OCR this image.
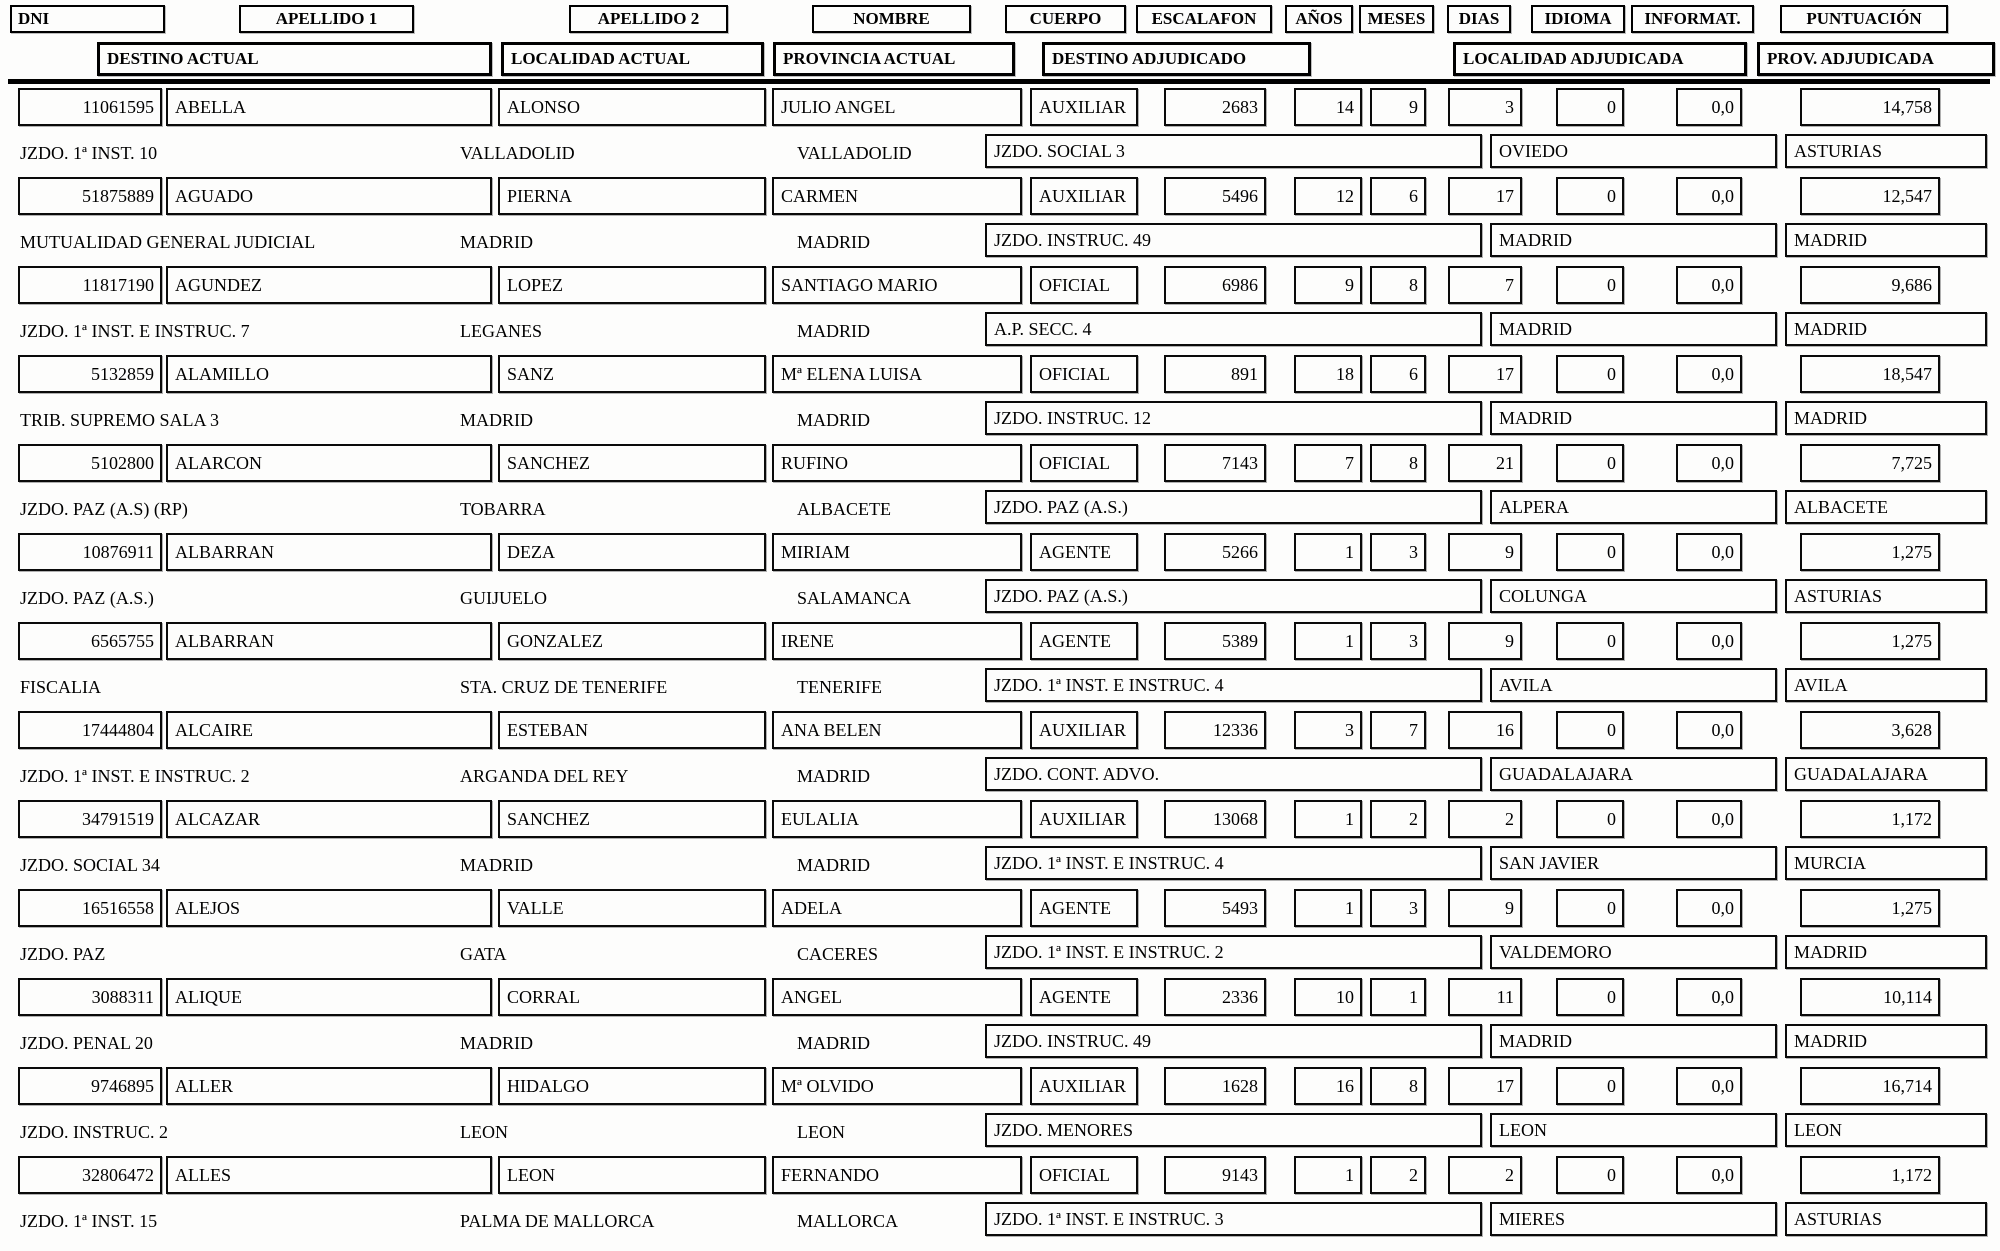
DNI	APELLIDO 1	APELLIDO 2	NOMBRE	CUERPO	ESCALAFON	AÑOS	MESES	DIAS	IDIOMA	INFORMAT.	PUNTUACIÓN
DESTINO ACTUAL	LOCALIDAD ACTUAL	PROVINCIA ACTUAL	DESTINO ADJUDICADO	LOCALIDAD ADJUDICADA	PROV. ADJUDICADA
11061595	ABELLA	ALONSO	JULIO ANGEL	AUXILIAR	2683	14	9	3	0	0,0	14,758
JZDO. 1ª INST. 10	VALLADOLID	VALLADOLID	JZDO. SOCIAL 3	OVIEDO	ASTURIAS
51875889	AGUADO	PIERNA	CARMEN	AUXILIAR	5496	12	6	17	0	0,0	12,547
MUTUALIDAD GENERAL JUDICIAL	MADRID	MADRID	JZDO. INSTRUC. 49	MADRID	MADRID
11817190	AGUNDEZ	LOPEZ	SANTIAGO MARIO	OFICIAL	6986	9	8	7	0	0,0	9,686
JZDO. 1ª INST. E INSTRUC. 7	LEGANES	MADRID	A.P. SECC. 4	MADRID	MADRID
5132859	ALAMILLO	SANZ	Mª ELENA LUISA	OFICIAL	891	18	6	17	0	0,0	18,547
TRIB. SUPREMO SALA 3	MADRID	MADRID	JZDO. INSTRUC. 12	MADRID	MADRID
5102800	ALARCON	SANCHEZ	RUFINO	OFICIAL	7143	7	8	21	0	0,0	7,725
JZDO. PAZ (A.S) (RP)	TOBARRA	ALBACETE	JZDO. PAZ (A.S.)	ALPERA	ALBACETE
10876911	ALBARRAN	DEZA	MIRIAM	AGENTE	5266	1	3	9	0	0,0	1,275
JZDO. PAZ (A.S.)	GUIJUELO	SALAMANCA	JZDO. PAZ (A.S.)	COLUNGA	ASTURIAS
6565755	ALBARRAN	GONZALEZ	IRENE	AGENTE	5389	1	3	9	0	0,0	1,275
FISCALIA	STA. CRUZ DE TENERIFE	TENERIFE	JZDO. 1ª INST. E INSTRUC. 4	AVILA	AVILA
17444804	ALCAIRE	ESTEBAN	ANA BELEN	AUXILIAR	12336	3	7	16	0	0,0	3,628
JZDO. 1ª INST. E INSTRUC. 2	ARGANDA DEL REY	MADRID	JZDO. CONT. ADVO.	GUADALAJARA	GUADALAJARA
34791519	ALCAZAR	SANCHEZ	EULALIA	AUXILIAR	13068	1	2	2	0	0,0	1,172
JZDO. SOCIAL 34	MADRID	MADRID	JZDO. 1ª INST. E INSTRUC. 4	SAN JAVIER	MURCIA
16516558	ALEJOS	VALLE	ADELA	AGENTE	5493	1	3	9	0	0,0	1,275
JZDO. PAZ	GATA	CACERES	JZDO. 1ª INST. E INSTRUC. 2	VALDEMORO	MADRID
3088311	ALIQUE	CORRAL	ANGEL	AGENTE	2336	10	1	11	0	0,0	10,114
JZDO. PENAL 20	MADRID	MADRID	JZDO. INSTRUC. 49	MADRID	MADRID
9746895	ALLER	HIDALGO	Mª OLVIDO	AUXILIAR	1628	16	8	17	0	0,0	16,714
JZDO. INSTRUC. 2	LEON	LEON	JZDO. MENORES	LEON	LEON
32806472	ALLES	LEON	FERNANDO	OFICIAL	9143	1	2	2	0	0,0	1,172
JZDO. 1ª INST. 15	PALMA DE MALLORCA	MALLORCA	JZDO. 1ª INST. E INSTRUC. 3	MIERES	ASTURIAS
